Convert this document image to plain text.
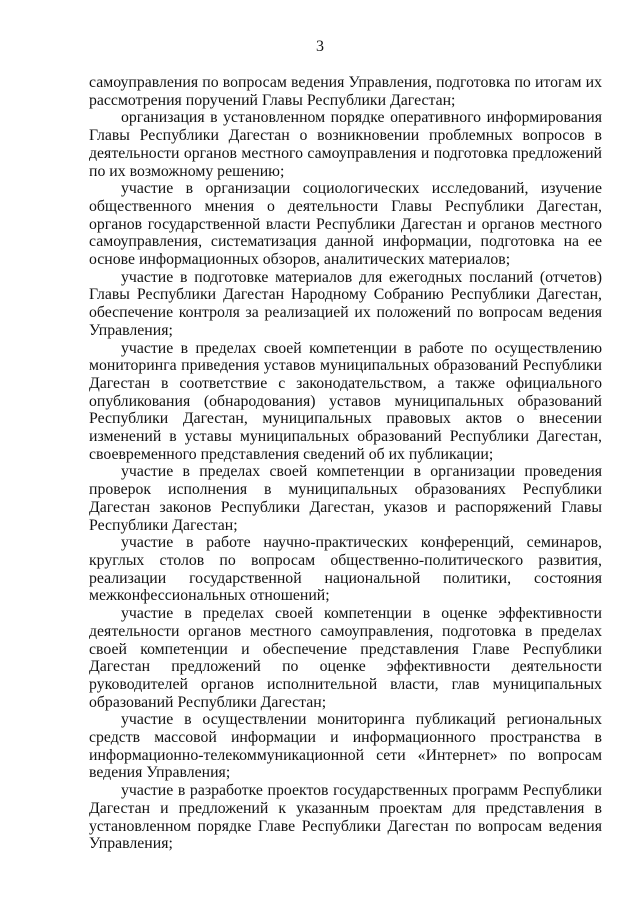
3

самоуправления по вопросам ведения Управления, подготовка по итогам их рассмотрения поручений Главы Республики Дагестан;

организация в установленном порядке оперативного информирования Главы Республики Дагестан о возникновении проблемных вопросов в деятельности органов местного самоуправления и подготовка предложений по их возможному решению;

участие в организации социологических исследований, изучение общественного мнения о деятельности Главы Республики Дагестан, органов государственной власти Республики Дагестан и органов местного самоуправления, систематизация данной информации, подготовка на ее основе информационных обзоров, аналитических материалов;

участие в подготовке материалов для ежегодных посланий (отчетов) Главы Республики Дагестан Народному Собранию Республики Дагестан, обеспечение контроля за реализацией их положений по вопросам ведения Управления;

участие в пределах своей компетенции в работе по осуществлению мониторинга приведения уставов муниципальных образований Республики Дагестан в соответствие с законодательством, а также официального опубликования (обнародования) уставов муниципальных образований Республики Дагестан, муниципальных правовых актов о внесении изменений в уставы муниципальных образований Республики Дагестан, своевременного представления сведений об их публикации;

участие в пределах своей компетенции в организации проведения проверок исполнения в муниципальных образованиях Республики Дагестан законов Республики Дагестан, указов и распоряжений Главы Республики Дагестан;

участие в работе научно-практических конференций, семинаров, круглых столов по вопросам общественно-политического развития, реализации государственной национальной политики, состояния межконфессиональных отношений;

участие в пределах своей компетенции в оценке эффективности деятельности органов местного самоуправления, подготовка в пределах своей компетенции и обеспечение представления Главе Республики Дагестан предложений по оценке эффективности деятельности руководителей органов исполнительной власти, глав муниципальных образований Республики Дагестан;

участие в осуществлении мониторинга публикаций региональных средств массовой информации и информационного пространства в информационно-телекоммуникационной сети «Интернет» по вопросам ведения Управления;

участие в разработке проектов государственных программ Республики Дагестан и предложений к указанным проектам для представления в установленном порядке Главе Республики Дагестан по вопросам ведения Управления;
